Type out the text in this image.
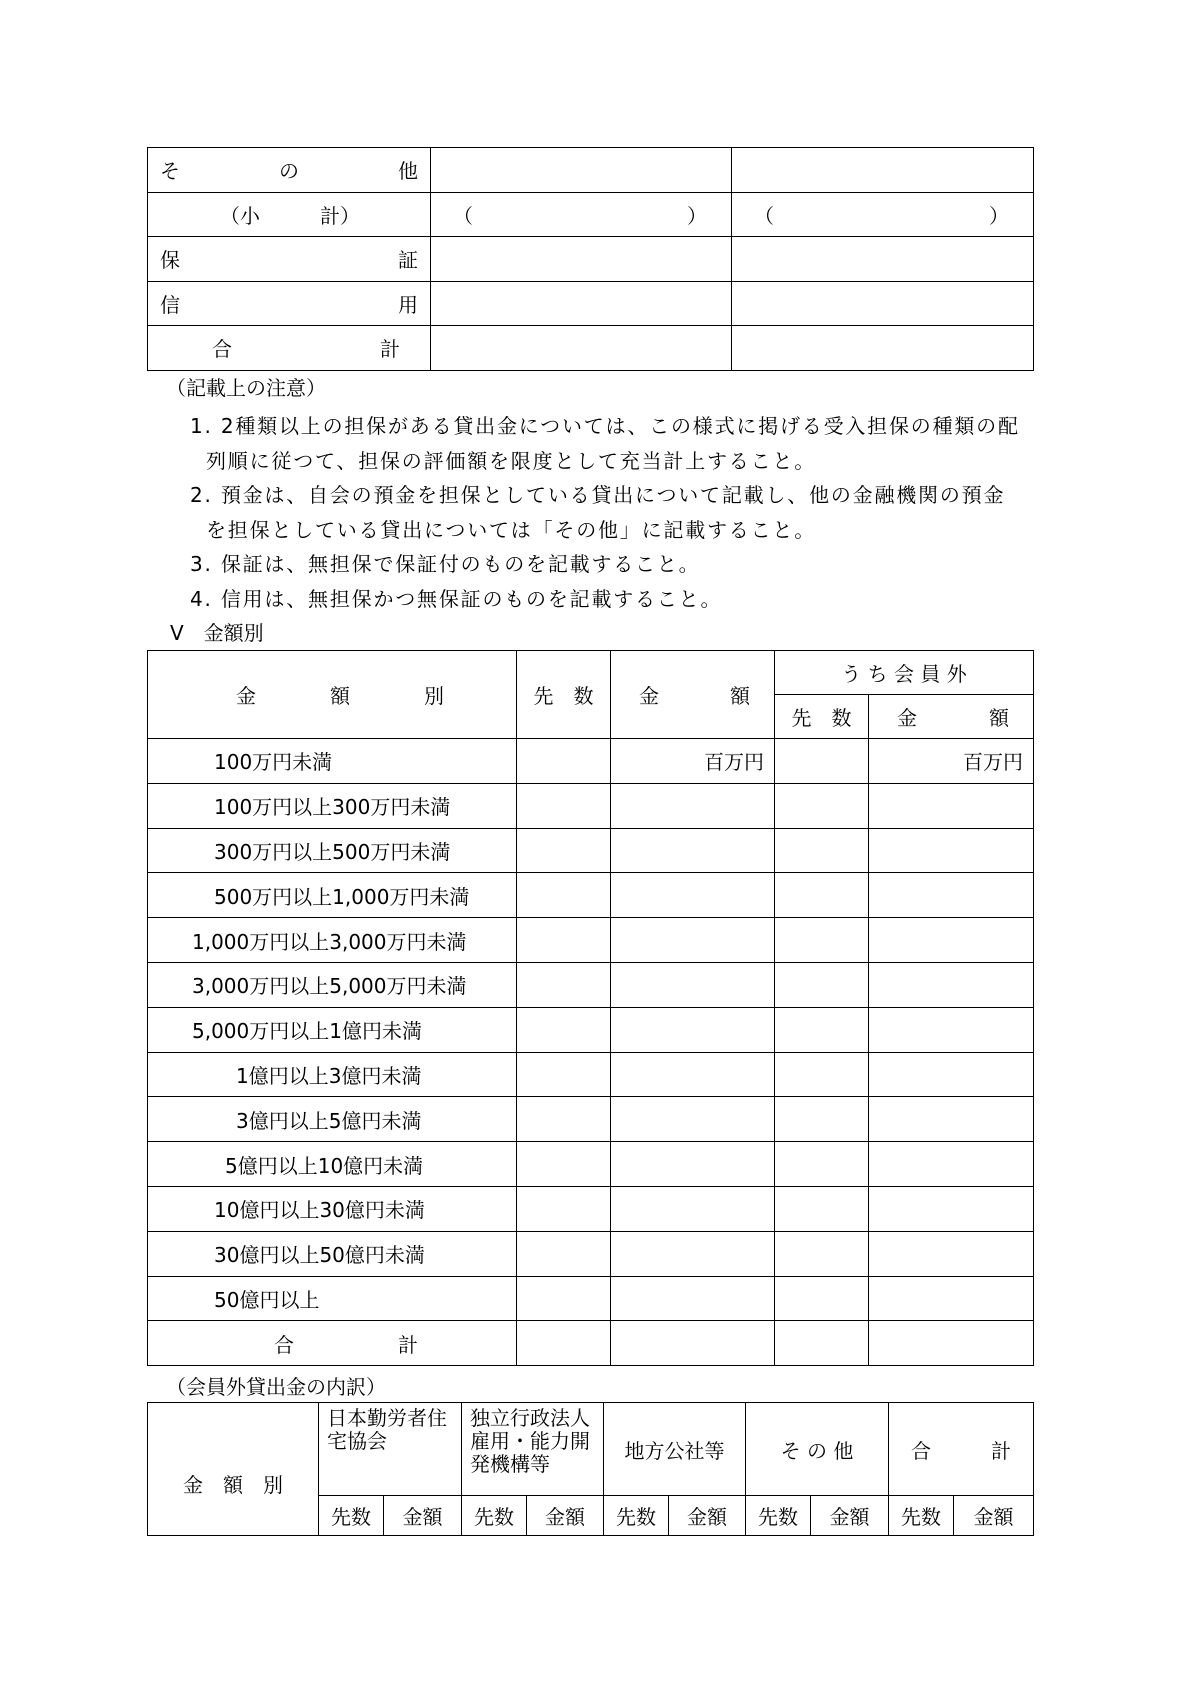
そ の 他		

（小 計）	（ ）	（ ）

保 証		

信 用		

合 計		

（記載上の注意）

1. 2種類以上の担保がある貸出金については、この様式に掲げる受入担保の種類の配列順に従つて、担保の評価額を限度として充当計上すること。

2. 預金は、自会の預金を担保としている貸出について記載し、他の金融機関の預金を担保としている貸出については「その他」に記載すること。

3. 保証は、無担保で保証付のものを記載すること。

4. 信用は、無担保かつ無保証のものを記載すること。

Ⅴ　金額別
金 額 別	先　数	金 額	う ち 会 員 外	
			先　数	金 額

100万円未満		百万円		百万円
100万円以上300万円未満				
300万円以上500万円未満				
500万円以上1,000万円未満				
1,000万円以上3,000万円未満				
3,000万円以上5,000万円未満				
5,000万円以上1億円未満				
1億円以上3億円未満				
3億円以上5億円未満				
5億円以上10億円未満				
10億円以上30億円未満				
30億円以上50億円未満				
50億円以上				

合 計				

（会員外貸出金の内訳）
金　額　別	日本勤労者住宅協会		独立行政法人雇用・能力開発機構等		地方公社等		そ の 他		合　　　計	
	先数	金額	先数	金額	先数	金額	先数	金額	先数	金額
